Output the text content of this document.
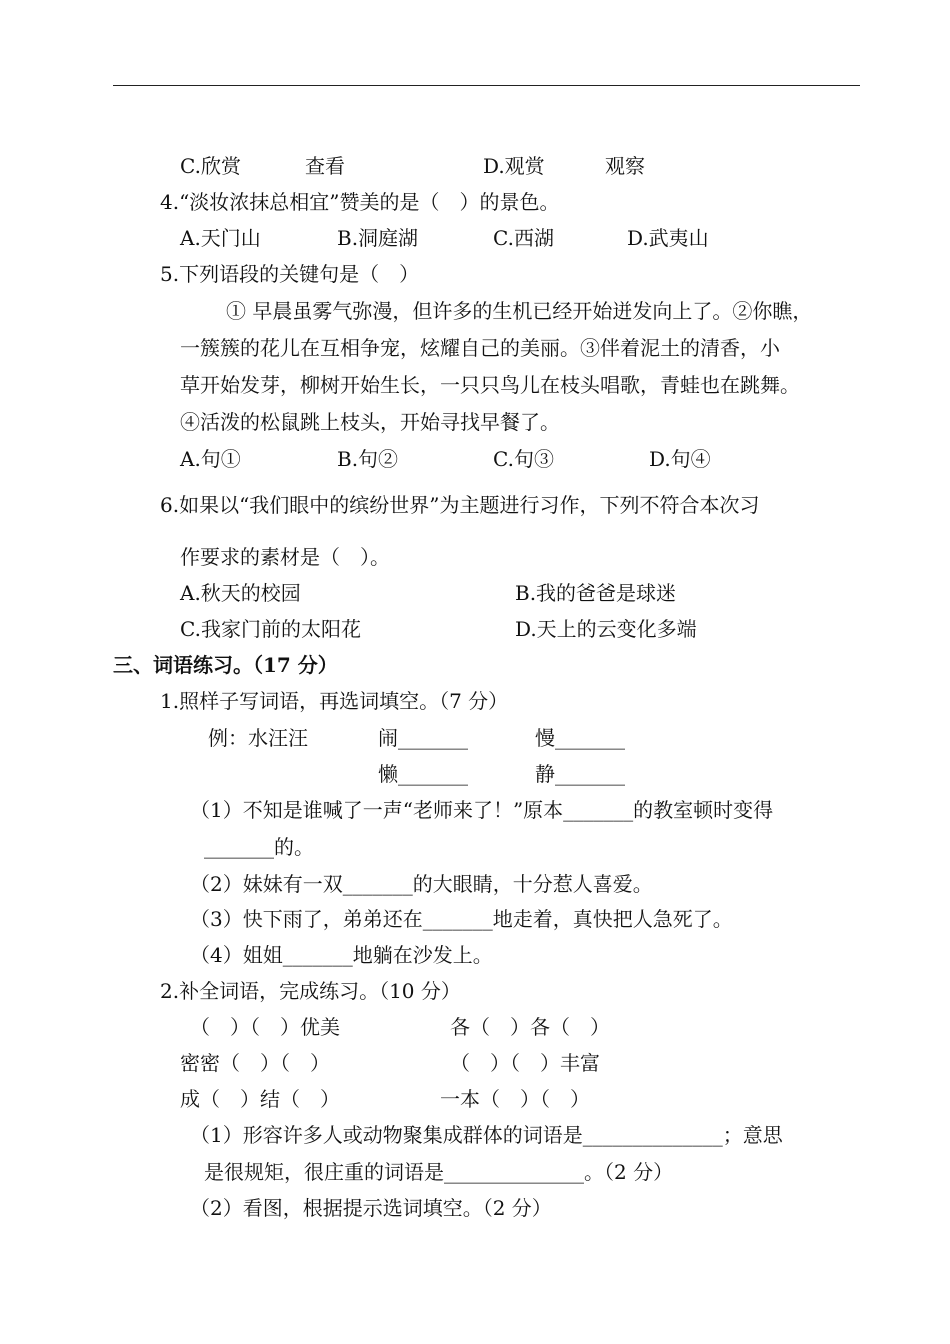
C.欣赏	查看	D.观赏	观察
4.“淡妆浓抹总相宜”赞美的是（　）的景色。
A.天门山	B.洞庭湖	C.西湖	D.武夷山
5.下列语段的关键句是（　）
① 早晨虽雾气弥漫，但许多的生机已经开始迸发向上了。②你瞧，
一簇簇的花儿在互相争宠，炫耀自己的美丽。③伴着泥土的清香，小
草开始发芽，柳树开始生长，一只只鸟儿在枝头唱歌，青蛙也在跳舞。
④活泼的松鼠跳上枝头，开始寻找早餐了。
A.句①	B.句②	C.句③	D.句④
6.如果以“我们眼中的缤纷世界”为主题进行习作，下列不符合本次习
作要求的素材是（　）。
A.秋天的校园	B.我的爸爸是球迷
C.我家门前的太阳花	D.天上的云变化多端
三、词语练习。（17 分）
1.照样子写词语，再选词填空。（7 分）
例：水汪汪	闹_______	慢_______
懒_______	静_______
（1）不知是谁喊了一声“老师来了！”原本_______的教室顿时变得
_______的。
（2）妹妹有一双_______的大眼睛，十分惹人喜爱。
（3）快下雨了，弟弟还在_______地走着，真快把人急死了。
（4）姐姐_______地躺在沙发上。
2.补全词语，完成练习。（10 分）
（　）（　）优美	各（　）各（　）
密密（　）（　）	（　）（　）丰富
成（　）结（　）	一本（　）（　）
（1）形容许多人或动物聚集成群体的词语是______________；意思
是很规矩，很庄重的词语是______________。（2 分）
（2）看图，根据提示选词填空。（2 分）
